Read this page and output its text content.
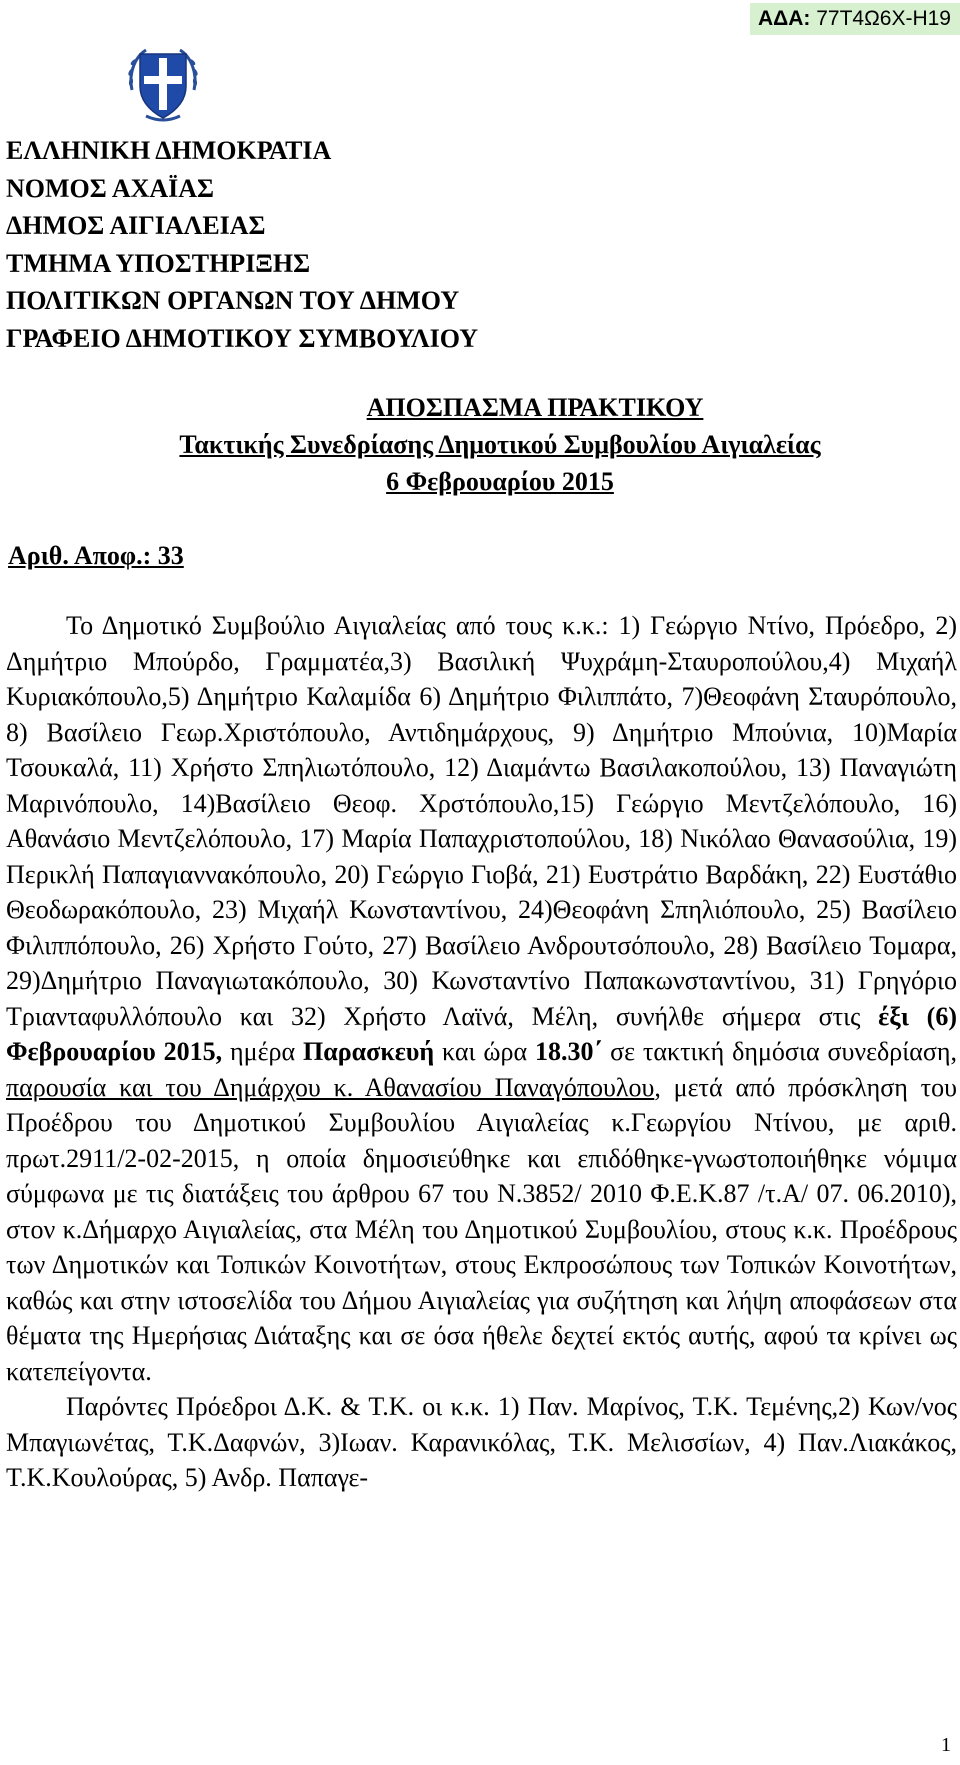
ΑΔΑ: 77Τ4Ω6Χ-Η19
ΕΛΛΗΝΙΚΗ ΔΗΜΟΚΡΑΤΙΑ
ΝΟΜΟΣ ΑΧΑΪΑΣ
ΔΗΜΟΣ ΑΙΓΙΑΛΕΙΑΣ
ΤΜΗΜΑ ΥΠΟΣΤΗΡΙΞΗΣ
ΠΟΛΙΤΙΚΩΝ ΟΡΓΑΝΩΝ ΤΟΥ ΔΗΜΟΥ
ΓΡΑΦΕΙΟ ΔΗΜΟΤΙΚΟΥ ΣΥΜΒΟΥΛΙΟΥ
ΑΠΟΣΠΑΣΜΑ ΠΡΑΚΤΙΚΟΥ
Τακτικής Συνεδρίασης Δημοτικού Συμβουλίου Αιγιαλείας
6 Φεβρουαρίου 2015
Αριθ. Αποφ.: 33

Το Δημοτικό Συμβούλιο Αιγιαλείας από τους κ.κ.: 1) Γεώργιο Ντίνο, Πρόεδρο, 2) Δημήτριο Μπούρδο, Γραμματέα,3) Βασιλική Ψυχράμη-Σταυροπούλου,4) Μιχαήλ Κυριακόπουλο,5) Δημήτριο Καλαμίδα 6) Δημήτριο Φιλιππάτο, 7)Θεοφάνη Σταυρόπουλο, 8) Βασίλειο Γεωρ.Χριστόπουλο, Αντιδημάρχους, 9) Δημήτριο Μπούνια, 10)Μαρία Τσουκαλά, 11) Χρήστο Σπηλιωτόπουλο, 12) Διαμάντω Βασιλακοπούλου, 13) Παναγιώτη Μαρινόπουλο, 14)Βασίλειο Θεοφ. Χρστόπουλο,15) Γεώργιο Μεντζελόπουλο, 16) Αθανάσιο Μεντζελόπουλο, 17) Μαρία Παπαχριστοπούλου, 18) Νικόλαο Θανασούλια, 19) Περικλή Παπαγιαννακόπουλο, 20) Γεώργιο Γιοβά, 21) Ευστράτιο Βαρδάκη, 22) Ευστάθιο Θεοδωρακόπουλο, 23) Μιχαήλ Κωνσταντίνου, 24)Θεοφάνη Σπηλιόπουλο, 25) Βασίλειο Φιλιππόπουλο, 26) Χρήστο Γούτο, 27) Βασίλειο Ανδρουτσόπουλο, 28) Βασίλειο Τομαρα, 29)Δημήτριο Παναγιωτακόπουλο, 30) Κωνσταντίνο Παπακωνσταντίνου, 31) Γρηγόριο Τριανταφυλλόπουλο και 32) Χρήστο Λαϊνά, Μέλη, συνήλθε σήμερα στις έξι (6) Φεβρουαρίου 2015, ημέρα Παρασκευή και ώρα 18.30΄ σε τακτική δημόσια συνεδρίαση, παρουσία και του Δημάρχου κ. Αθανασίου Παναγόπουλου, μετά από πρόσκληση του Προέδρου του Δημοτικού Συμβουλίου Αιγιαλείας κ.Γεωργίου Ντίνου, με αριθ. πρωτ.2911/2-02-2015, η οποία δημοσιεύθηκε και επιδόθηκε-γνωστοποιήθηκε νόμιμα σύμφωνα με τις διατάξεις του άρθρου 67 του Ν.3852/ 2010 Φ.Ε.Κ.87 /τ.Α/ 07. 06.2010), στον κ.Δήμαρχο Αιγιαλείας, στα Μέλη του Δημοτικού Συμβουλίου, στους κ.κ. Προέδρους των Δημοτικών και Τοπικών Κοινοτήτων, στους Εκπροσώπους των Τοπικών Κοινοτήτων, καθώς και στην ιστοσελίδα του Δήμου Αιγιαλείας για συζήτηση και λήψη αποφάσεων στα θέματα της Ημερήσιας Διάταξης και σε όσα ήθελε δεχτεί εκτός αυτής, αφού τα κρίνει ως κατεπείγοντα.

Παρόντες Πρόεδροι Δ.Κ. & Τ.Κ. οι κ.κ. 1) Παν. Μαρίνος, Τ.Κ. Τεμένης,2) Κων/νος Μπαγιωνέτας, Τ.Κ.Δαφνών, 3)Ιωαν. Καρανικόλας, Τ.Κ. Μελισσίων, 4) Παν.Λιακάκος, Τ.Κ.Κουλούρας, 5) Ανδρ. Παπαγε-

1
